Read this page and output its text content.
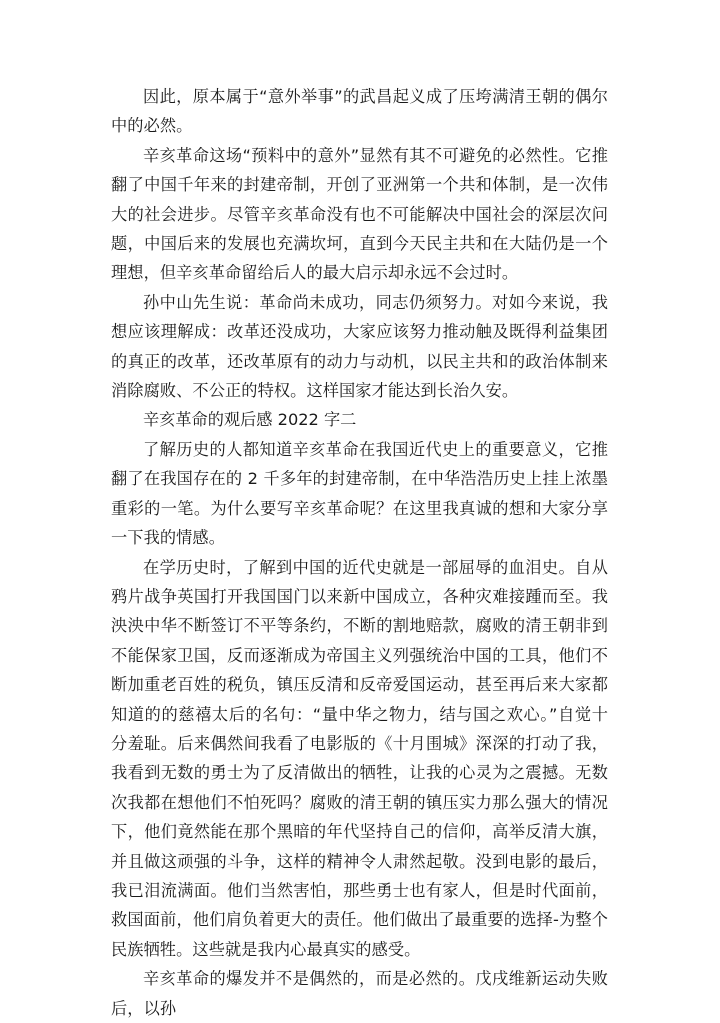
因此，原本属于“意外举事”的武昌起义成了压垮满清王朝的偶尔中的必然。

辛亥革命这场“预料中的意外”显然有其不可避免的必然性。它推翻了中国千年来的封建帝制，开创了亚洲第一个共和体制，是一次伟大的社会进步。尽管辛亥革命没有也不可能解决中国社会的深层次问题，中国后来的发展也充满坎坷，直到今天民主共和在大陆仍是一个理想，但辛亥革命留给后人的最大启示却永远不会过时。

孙中山先生说：革命尚未成功，同志仍须努力。对如今来说，我想应该理解成：改革还没成功，大家应该努力推动触及既得利益集团的真正的改革，还改革原有的动力与动机，以民主共和的政治体制来消除腐败、不公正的特权。这样国家才能达到长治久安。

辛亥革命的观后感 2022 字二

了解历史的人都知道辛亥革命在我国近代史上的重要意义，它推翻了在我国存在的 2 千多年的封建帝制，在中华浩浩历史上挂上浓墨重彩的一笔。为什么要写辛亥革命呢？在这里我真诚的想和大家分享一下我的情感。

在学历史时，了解到中国的近代史就是一部屈辱的血泪史。自从鸦片战争英国打开我国国门以来新中国成立，各种灾难接踵而至。我泱泱中华不断签订不平等条约，不断的割地赔款，腐败的清王朝非到不能保家卫国，反而逐渐成为帝国主义列强统治中国的工具，他们不断加重老百姓的税负，镇压反清和反帝爱国运动，甚至再后来大家都知道的的慈禧太后的名句：“量中华之物力，结与国之欢心。”自觉十分羞耻。后来偶然间我看了电影版的《十月围城》深深的打动了我，我看到无数的勇士为了反清做出的牺牲，让我的心灵为之震撼。无数次我都在想他们不怕死吗？腐败的清王朝的镇压实力那么强大的情况下，他们竟然能在那个黑暗的年代坚持自己的信仰，高举反清大旗，并且做这顽强的斗争，这样的精神令人肃然起敬。没到电影的最后，我已泪流满面。他们当然害怕，那些勇士也有家人，但是时代面前，救国面前，他们肩负着更大的责任。他们做出了最重要的选择-为整个民族牺牲。这些就是我内心最真实的感受。

辛亥革命的爆发并不是偶然的，而是必然的。戊戌维新运动失败后，以孙
